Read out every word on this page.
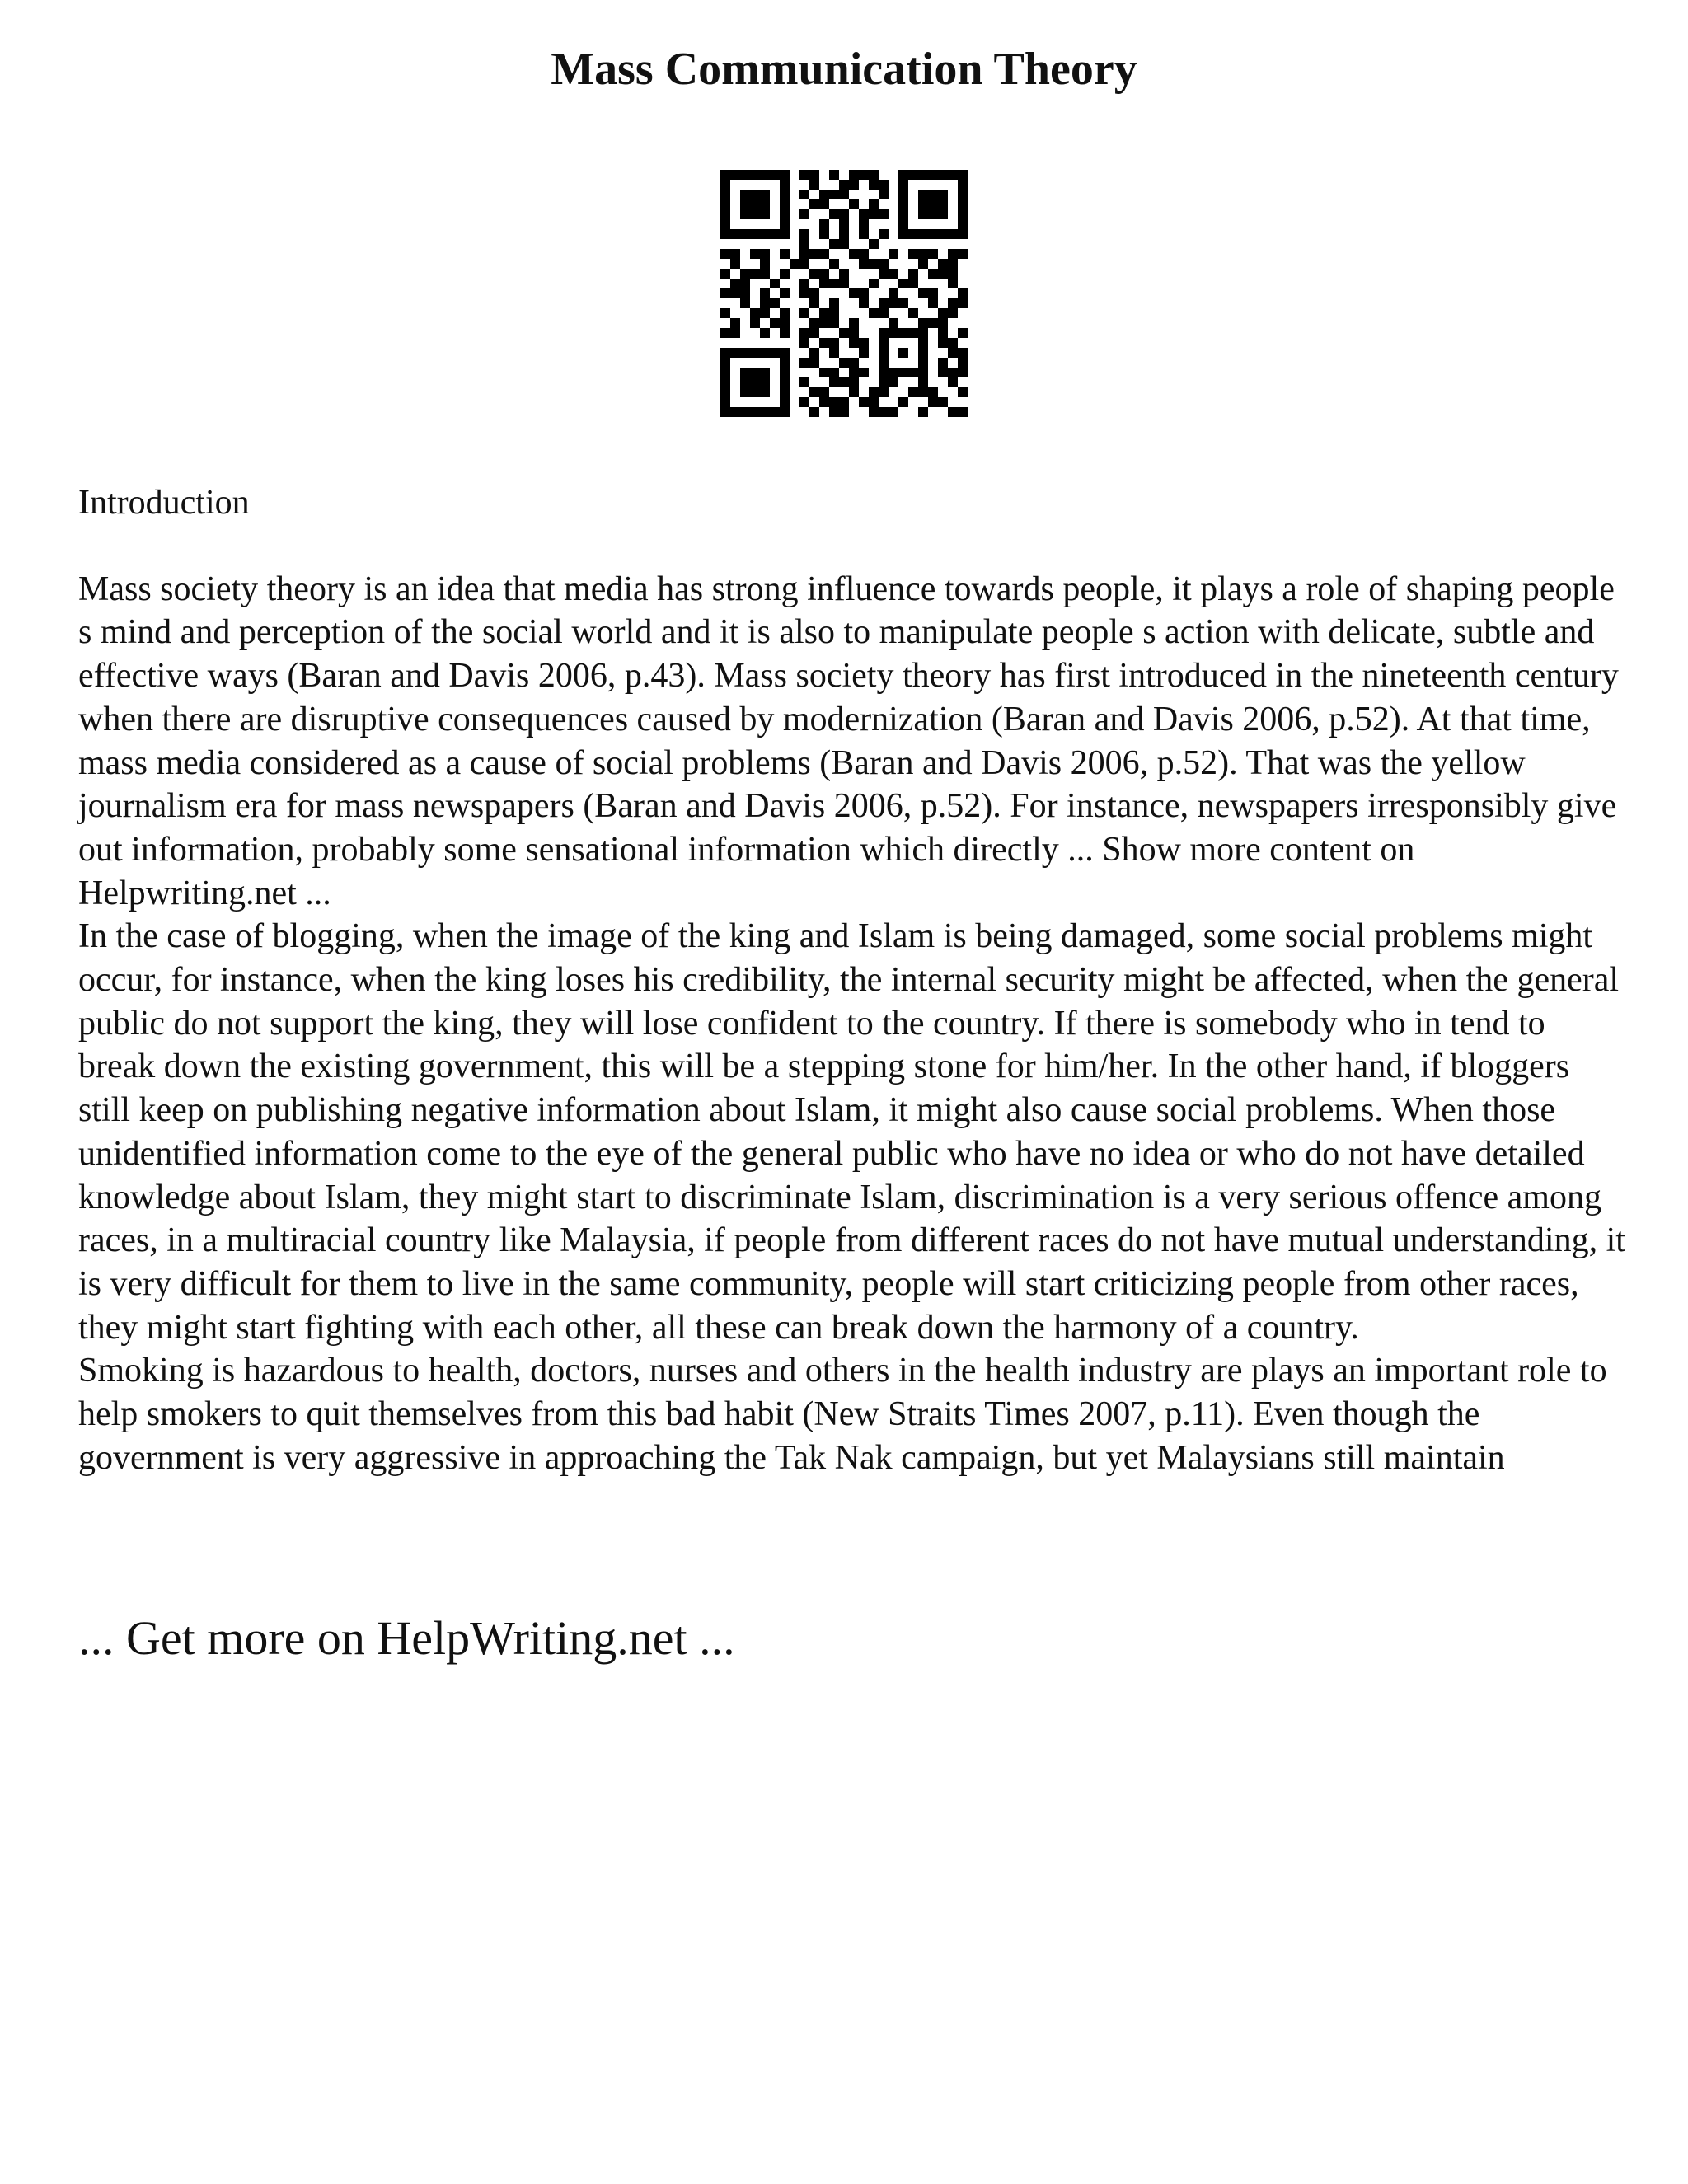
Mass Communication Theory

Introduction

Mass society theory is an idea that media has strong influence towards people, it plays a role of shaping people s mind and perception of the social world and it is also to manipulate people s action with delicate, subtle and effective ways (Baran and Davis 2006, p.43). Mass society theory has first introduced in the nineteenth century when there are disruptive consequences caused by modernization (Baran and Davis 2006, p.52). At that time, mass media considered as a cause of social problems (Baran and Davis 2006, p.52). That was the yellow journalism era for mass newspapers (Baran and Davis 2006, p.52). For instance, newspapers irresponsibly give out information, probably some sensational information which directly ... Show more content on Helpwriting.net ...

In the case of blogging, when the image of the king and Islam is being damaged, some social problems might occur, for instance, when the king loses his credibility, the internal security might be affected, when the general public do not support the king, they will lose confident to the country. If there is somebody who in tend to break down the existing government, this will be a stepping stone for him/her. In the other hand, if bloggers still keep on publishing negative information about Islam, it might also cause social problems. When those unidentified information come to the eye of the general public who have no idea or who do not have detailed knowledge about Islam, they might start to discriminate Islam, discrimination is a very serious offence among races, in a multiracial country like Malaysia, if people from different races do not have mutual understanding, it is very difficult for them to live in the same community, people will start criticizing people from other races, they might start fighting with each other, all these can break down the harmony of a country.

Smoking is hazardous to health, doctors, nurses and others in the health industry are plays an important role to help smokers to quit themselves from this bad habit (New Straits Times 2007, p.11). Even though the government is very aggressive in approaching the Tak Nak campaign, but yet Malaysians still maintain

... Get more on HelpWriting.net ...
